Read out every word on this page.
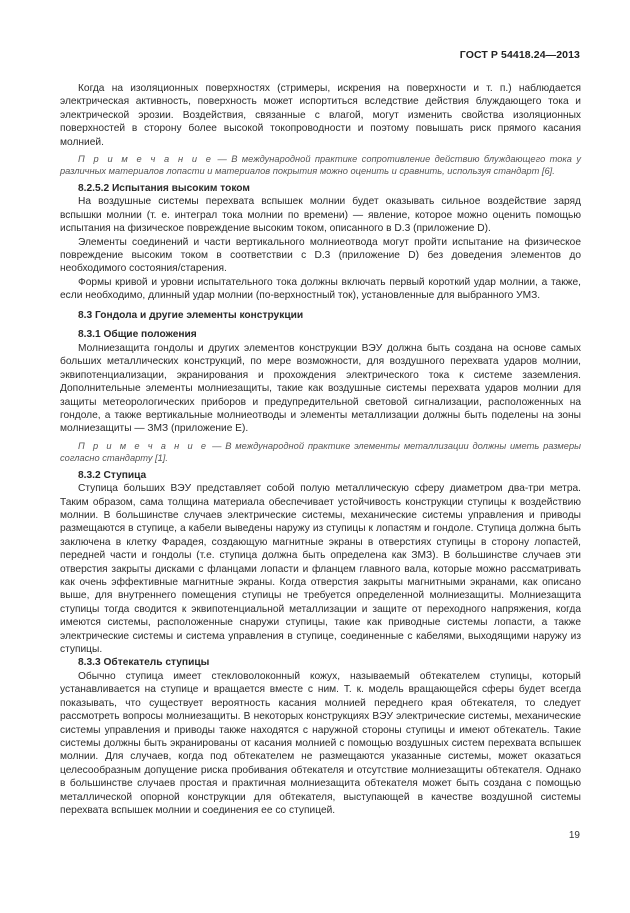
ГОСТ Р 54418.24—2013

Когда на изоляционных поверхностях (стримеры, искрения на поверхности и т. п.) наблюдается электрическая активность, поверхность может испортиться вследствие действия блуждающего тока и электрической эрозии. Воздействия, связанные с влагой, могут изменить свойства изоляционных поверхностей в сторону более высокой токопроводности и поэтому повышать риск прямого касания молнией.

П р и м е ч а н и е — В международной практике сопротивление действию блуждающего тока у различных материалов лопасти и материалов покрытия можно оценить и сравнить, используя стандарт [6].

8.2.5.2 Испытания высоким током

На воздушные системы перехвата вспышек молнии будет оказывать сильное воздействие заряд вспышки молнии (т. е. интеграл тока молнии по времени) — явление, которое можно оценить помощью испытания на физическое повреждение высоким током, описанного в D.3 (приложение D).

Элементы соединений и части вертикального молниеотвода могут пройти испытание на физическое повреждение высоким током в соответствии с D.3 (приложение D) без доведения элементов до необходимого состояния/старения.

Формы кривой и уровни испытательного тока должны включать первый короткий удар молнии, а также, если необходимо, длинный удар молнии (по-верхностный ток), установленные для выбранного УМЗ.

8.3 Гондола и другие элементы конструкции
8.3.1 Общие положения

Молниезащита гондолы и других элементов конструкции ВЭУ должна быть создана на основе самых больших металлических конструкций, по мере возможности, для воздушного перехвата ударов молнии, эквипотенциализации, экранирования и прохождения электрического тока к системе заземления. Дополнительные элементы молниезащиты, такие как воздушные системы перехвата ударов молнии для защиты метеорологических приборов и предупредительной световой сигнализации, расположенных на гондоле, а также вертикальные молниеотводы и элементы металлизации должны быть поделены на зоны молниезащиты — ЗМЗ (приложение Е).

П р и м е ч а н и е — В международной практике элементы металлизации должны иметь размеры согласно стандарту [1].

8.3.2 Ступица

Ступица больших ВЭУ представляет собой полую металлическую сферу диаметром два-три метра. Таким образом, сама толщина материала обеспечивает устойчивость конструкции ступицы к воздействию молнии. В большинстве случаев электрические системы, механические системы управления и приводы размещаются в ступице, а кабели выведены наружу из ступицы к лопастям и гондоле. Ступица должна быть заключена в клетку Фарадея, создающую магнитные экраны в отверстиях ступицы в сторону лопастей, передней части и гондолы (т.е. ступица должна быть определена как ЗМЗ). В большинстве случаев эти отверстия закрыты дисками с фланцами лопасти и фланцем главного вала, которые можно рассматривать как очень эффективные магнитные экраны. Когда отверстия закрыты магнитными экранами, как описано выше, для внутреннего помещения ступицы не требуется определенной молниезащиты. Молниезащита ступицы тогда сводится к эквипотенциальной металлизации и защите от переходного напряжения, когда имеются системы, расположенные снаружи ступицы, такие как приводные системы лопасти, а также электрические системы и система управления в ступице, соединенные с кабелями, выходящими наружу из ступицы.

8.3.3 Обтекатель ступицы

Обычно ступица имеет стекловолоконный кожух, называемый обтекателем ступицы, который устанавливается на ступице и вращается вместе с ним. Т. к. модель вращающейся сферы будет всегда показывать, что существует вероятность касания молнией переднего края обтекателя, то следует рассмотреть вопросы молниезащиты. В некоторых конструкциях ВЭУ электрические системы, механические системы управления и приводы также находятся с наружной стороны ступицы и имеют обтекатель. Такие системы должны быть экранированы от касания молнией с помощью воздушных систем перехвата вспышек молнии. Для случаев, когда под обтекателем не размещаются указанные системы, может оказаться целесообразным допущение риска пробивания обтекателя и отсутствие молниезащиты обтекателя. Однако в большинстве случаев простая и практичная молниезащита обтекателя может быть создана с помощью металлической опорной конструкции для обтекателя, выступающей в качестве воздушной системы перехвата вспышек молнии и соединения ее со ступицей.

19
